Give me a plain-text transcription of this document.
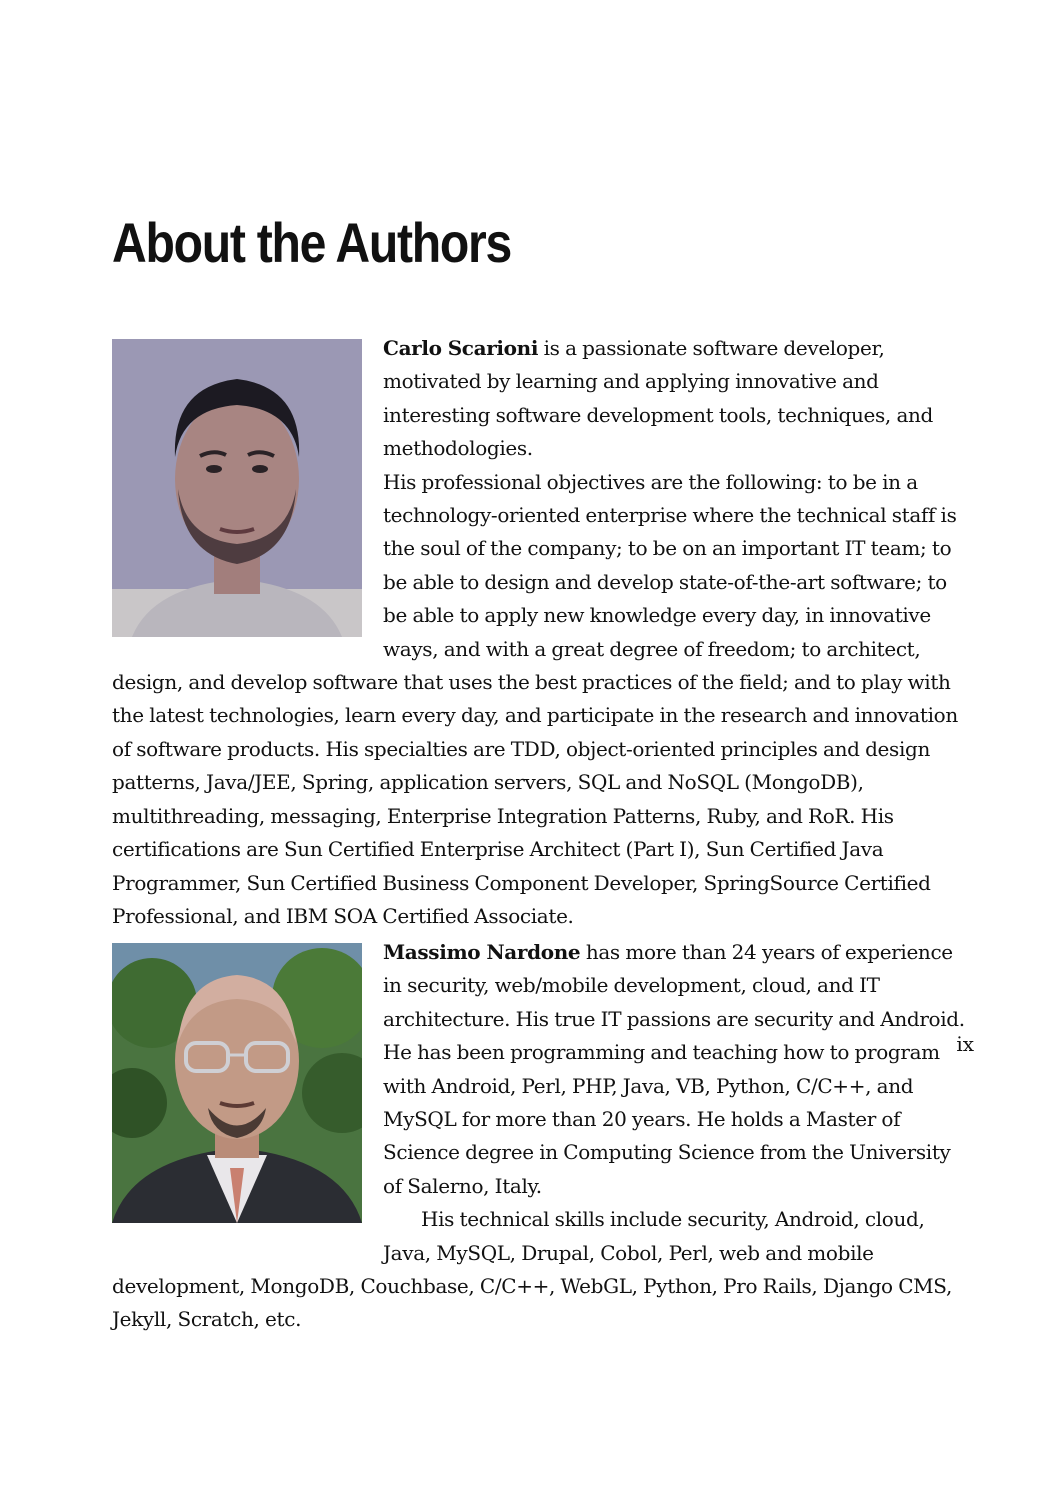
About the Authors

Carlo Scarioni is a passionate software developer, motivated by learning and applying innovative and interesting software development tools, techniques, and methodologies.

His professional objectives are the following: to be in a technology-oriented enterprise where the technical staff is the soul of the company; to be on an important IT team; to be able to design and develop state-of-the-art software; to be able to apply new knowledge every day, in innovative ways, and with a great degree of freedom; to architect, design, and develop software that uses the best practices of the field; and to play with the latest technologies, learn every day, and participate in the research and innovation of software products. His specialties are TDD, object-oriented principles and design patterns, Java/JEE, Spring, application servers, SQL and NoSQL (MongoDB), multithreading, messaging, Enterprise Integration Patterns, Ruby, and RoR. His certifications are Sun Certified Enterprise Architect (Part I), Sun Certified Java Programmer, Sun Certified Business Component Developer, SpringSource Certified Professional, and IBM SOA Certified Associate.

Massimo Nardone has more than 24 years of experience in security, web/mobile development, cloud, and IT architecture. His true IT passions are security and Android. He has been programming and teaching how to program with Android, Perl, PHP, Java, VB, Python, C/C++, and MySQL for more than 20 years. He holds a Master of Science degree in Computing Science from the University of Salerno, Italy.

His technical skills include security, Android, cloud, Java, MySQL, Drupal, Cobol, Perl, web and mobile development, MongoDB, Couchbase, C/C++, WebGL, Python, Pro Rails, Django CMS, Jekyll, Scratch, etc.

ix
